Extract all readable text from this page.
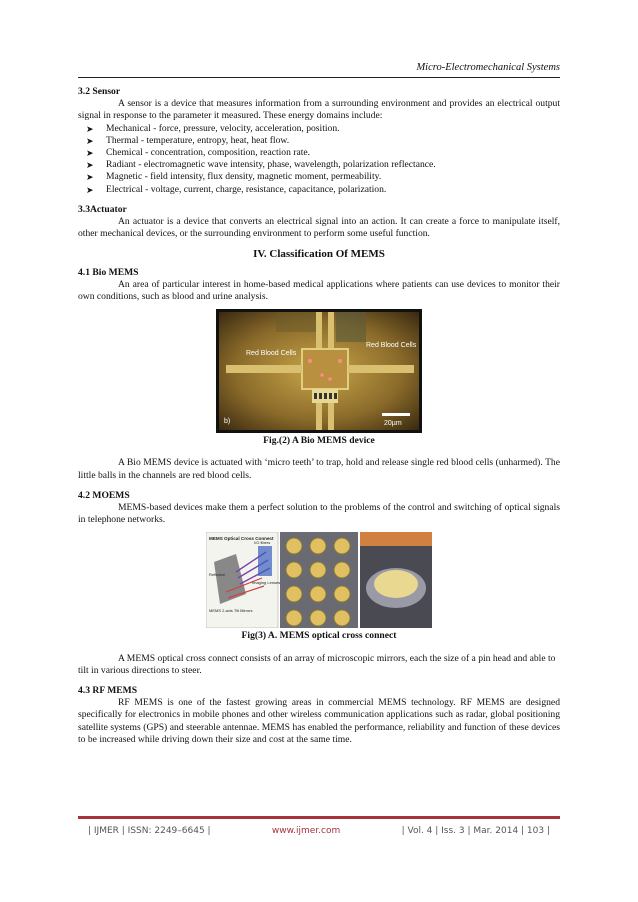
Micro-Electromechanical Systems
3.2 Sensor

A sensor is a device that measures information from a surrounding environment and provides an electrical output signal in response to the parameter it measured. These energy domains include:

➤ Mechanical - force, pressure, velocity, acceleration, position.
➤ Thermal - temperature, entropy, heat, heat flow.
➤ Chemical - concentration, composition, reaction rate.
➤ Radiant - electromagnetic wave intensity, phase, wavelength, polarization reflectance.
➤ Magnetic - field intensity, flux density, magnetic moment, permeability.
➤ Electrical - voltage, current, charge, resistance, capacitance, polarization.
3.3Actuator

An actuator is a device that converts an electrical signal into an action. It can create a force to manipulate itself, other mechanical devices, or the surrounding environment to perform some useful function.

IV. Classification Of MEMS
4.1 Bio MEMS

An area of particular interest in home-based medical applications where patients can use devices to monitor their own conditions, such as blood and urine analysis.

Red Blood Cells
Red Blood Cells
b)	20µm
Fig.(2) A Bio MEMS device

A Bio MEMS device is actuated with ‘micro teeth’ to trap, hold and release single red blood cells (unharmed). The little balls in the channels are red blood cells.

4.2 MOEMS

MEMS-based devices make them a perfect solution to the problems of the control and switching of optical signals in telephone networks.

MEMS Optical Cross Connect
I/O fibers
Imaging Lenses
Reflector
MEMS 2-axis Tilt Mirrors
Fig(3) A. MEMS optical cross connect

A MEMS optical cross connect consists of an array of microscopic mirrors, each the size of a pin head and able to tilt in various directions to steer.

4.3 RF MEMS

RF MEMS is one of the fastest growing areas in commercial MEMS technology. RF MEMS are designed specifically for electronics in mobile phones and other wireless communication applications such as radar, global positioning satellite systems (GPS) and steerable antennae. MEMS has enabled the performance, reliability and function of these devices to be increased while driving down their size and cost at the same time.

| IJMER | ISSN: 2249–6645 |	www.ijmer.com	| Vol. 4 | Iss. 3 | Mar. 2014 | 103 |
